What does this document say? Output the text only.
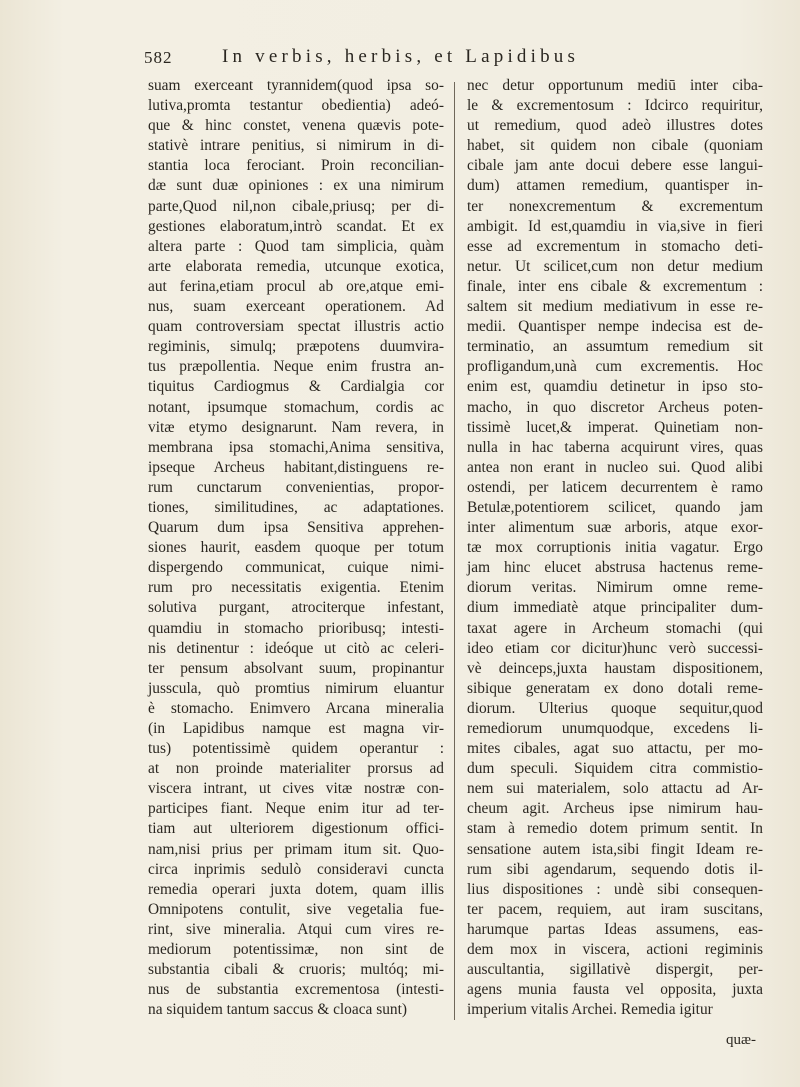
582	In verbis, herbis, et Lapidibus
suam exerceant tyrannidem(quod ipsa so-
lutiva,promta testantur obedientia) adeó-
que & hinc constet, venena quævis pote-
stativè intrare penitius, si nimirum in di-
stantia loca ferociant. Proin reconcilian-
dæ sunt duæ opiniones : ex una nimirum
parte,Quod nil,non cibale,priusq; per di-
gestiones elaboratum,intrò scandat. Et ex
altera parte : Quod tam simplicia, quàm
arte elaborata remedia, utcunque exotica,
aut ferina,etiam procul ab ore,atque emi-
nus, suam exerceant operationem. Ad
quam controversiam spectat illustris actio
regiminis, simulq; præpotens duumvira-
tus præpollentia. Neque enim frustra an-
tiquitus Cardiogmus & Cardialgia cor
notant, ipsumque stomachum, cordis ac
vitæ etymo designarunt. Nam revera, in
membrana ipsa stomachi,Anima sensitiva,
ipseque Archeus habitant,distinguens re-
rum cunctarum convenientias, propor-
tiones, similitudines, ac adaptationes.
Quarum dum ipsa Sensitiva apprehen-
siones haurit, easdem quoque per totum
dispergendo communicat, cuique nimi-
rum pro necessitatis exigentia. Etenim
solutiva purgant, atrociterque infestant,
quamdiu in stomacho prioribusq; intesti-
nis detinentur : ideóque ut citò ac celeri-
ter pensum absolvant suum, propinantur
jusscula, quò promtius nimirum eluantur
è stomacho. Enimvero Arcana mineralia
(in Lapidibus namque est magna vir-
tus) potentissimè quidem operantur :
at non proinde materialiter prorsus ad
viscera intrant, ut cives vitæ nostræ con-
participes fiant. Neque enim itur ad ter-
tiam aut ulteriorem digestionum offici-
nam,nisi prius per primam itum sit. Quo-
circa inprimis sedulò consideravi cuncta
remedia operari juxta dotem, quam illis
Omnipotens contulit, sive vegetalia fue-
rint, sive mineralia. Atqui cum vires re-
mediorum potentissimæ, non sint de
substantia cibali & cruoris; multóq; mi-
nus de substantia excrementosa (intesti-
na siquidem tantum saccus & cloaca sunt)
nec detur opportunum mediū inter ciba-
le & excrementosum : Idcirco requiritur,
ut remedium, quod adeò illustres dotes
habet, sit quidem non cibale (quoniam
cibale jam ante docui debere esse langui-
dum) attamen remedium, quantisper in-
ter nonexcrementum & excrementum
ambigit. Id est,quamdiu in via,sive in fieri
esse ad excrementum in stomacho deti-
netur. Ut scilicet,cum non detur medium
finale, inter ens cibale & excrementum :
saltem sit medium mediativum in esse re-
medii. Quantisper nempe indecisa est de-
terminatio, an assumtum remedium sit
profligandum,unà cum excrementis. Hoc
enim est, quamdiu detinetur in ipso sto-
macho, in quo discretor Archeus poten-
tissimè lucet,& imperat. Quinetiam non-
nulla in hac taberna acquirunt vires, quas
antea non erant in nucleo sui. Quod alibi
ostendi, per laticem decurrentem è ramo
Betulæ,potentiorem scilicet, quando jam
inter alimentum suæ arboris, atque exor-
tæ mox corruptionis initia vagatur. Ergo
jam hinc elucet abstrusa hactenus reme-
diorum veritas. Nimirum omne reme-
dium immediatè atque principaliter dum-
taxat agere in Archeum stomachi (qui
ideo etiam cor dicitur)hunc verò successi-
vè deinceps,juxta haustam dispositionem,
sibique generatam ex dono dotali reme-
diorum. Ulterius quoque sequitur,quod
remediorum unumquodque, excedens li-
mites cibales, agat suo attactu, per mo-
dum speculi. Siquidem citra commistio-
nem sui materialem, solo attactu ad Ar-
cheum agit. Archeus ipse nimirum hau-
stam à remedio dotem primum sentit. In
sensatione autem ista,sibi fingit Ideam re-
rum sibi agendarum, sequendo dotis il-
lius dispositiones : undè sibi consequen-
ter pacem, requiem, aut iram suscitans,
harumque partas Ideas assumens, eas-
dem mox in viscera, actioni regiminis
auscultantia, sigillativè dispergit, per-
agens munia fausta vel opposita, juxta
imperium vitalis Archei. Remedia igitur
quæ-
